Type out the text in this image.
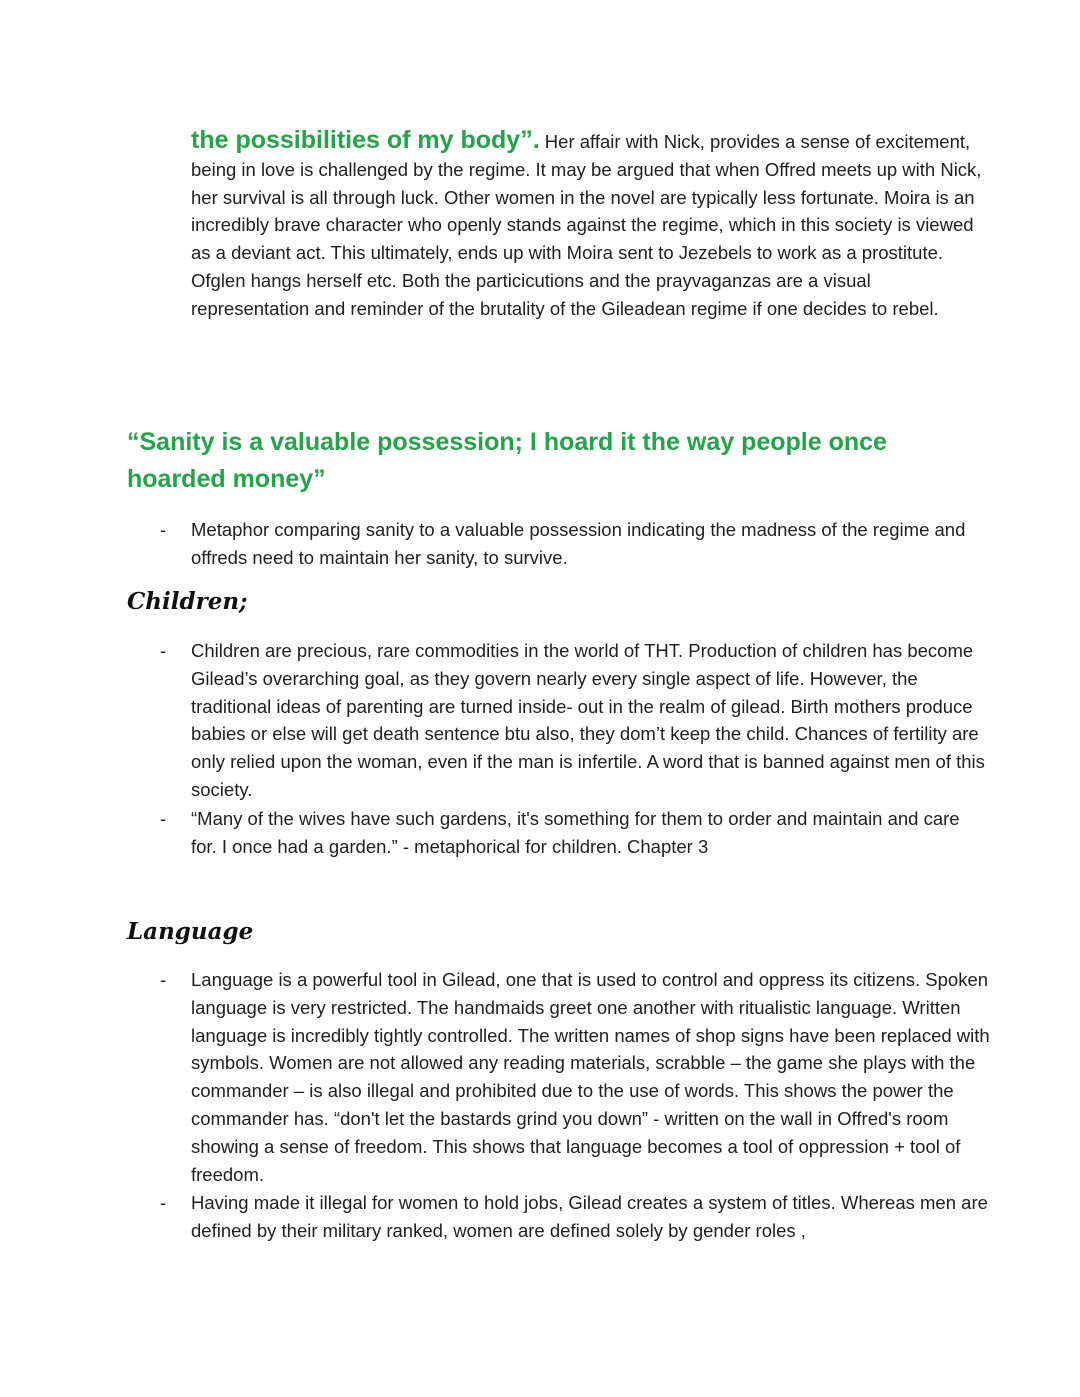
the possibilities of my body”. Her affair with Nick, provides a sense of excitement, being in love is challenged by the regime. It may be argued that when Offred meets up with Nick, her survival is all through luck. Other women in the novel are typically less fortunate. Moira is an incredibly brave character who openly stands against the regime, which in this society is viewed as a deviant act. This ultimately, ends up with Moira sent to Jezebels to work as a prostitute. Ofglen hangs herself etc. Both the particicutions and the prayvaganzas are a visual representation and reminder of the brutality of the Gileadean regime if one decides to rebel.

“Sanity is a valuable possession; I hoard it the way people once hoarded money”

-	Metaphor comparing sanity to a valuable possession indicating the madness of the regime and offreds need to maintain her sanity, to survive.
Children;
-	Children are precious, rare commodities in the world of THT. Production of children has become Gilead’s overarching goal, as they govern nearly every single aspect of life. However, the traditional ideas of parenting are turned inside- out in the realm of gilead. Birth mothers produce babies or else will get death sentence btu also, they dom’t keep the child. Chances of fertility are only relied upon the woman, even if the man is infertile. A word that is banned against men of this society.
-	“Many of the wives have such gardens, it's something for them to order and maintain and care for. I once had a garden.” - metaphorical for children. Chapter 3
Language
-	Language is a powerful tool in Gilead, one that is used to control and oppress its citizens. Spoken language is very restricted. The handmaids greet one another with ritualistic language. Written language is incredibly tightly controlled. The written names of shop signs have been replaced with symbols. Women are not allowed any reading materials, scrabble – the game she plays with the commander – is also illegal and prohibited due to the use of words. This shows the power the commander has. “don't let the bastards grind you down” - written on the wall in Offred's room showing a sense of freedom. This shows that language becomes a tool of oppression + tool of freedom.
-	Having made it illegal for women to hold jobs, Gilead creates a system of titles. Whereas men are defined by their military ranked, women are defined solely by gender roles ,
